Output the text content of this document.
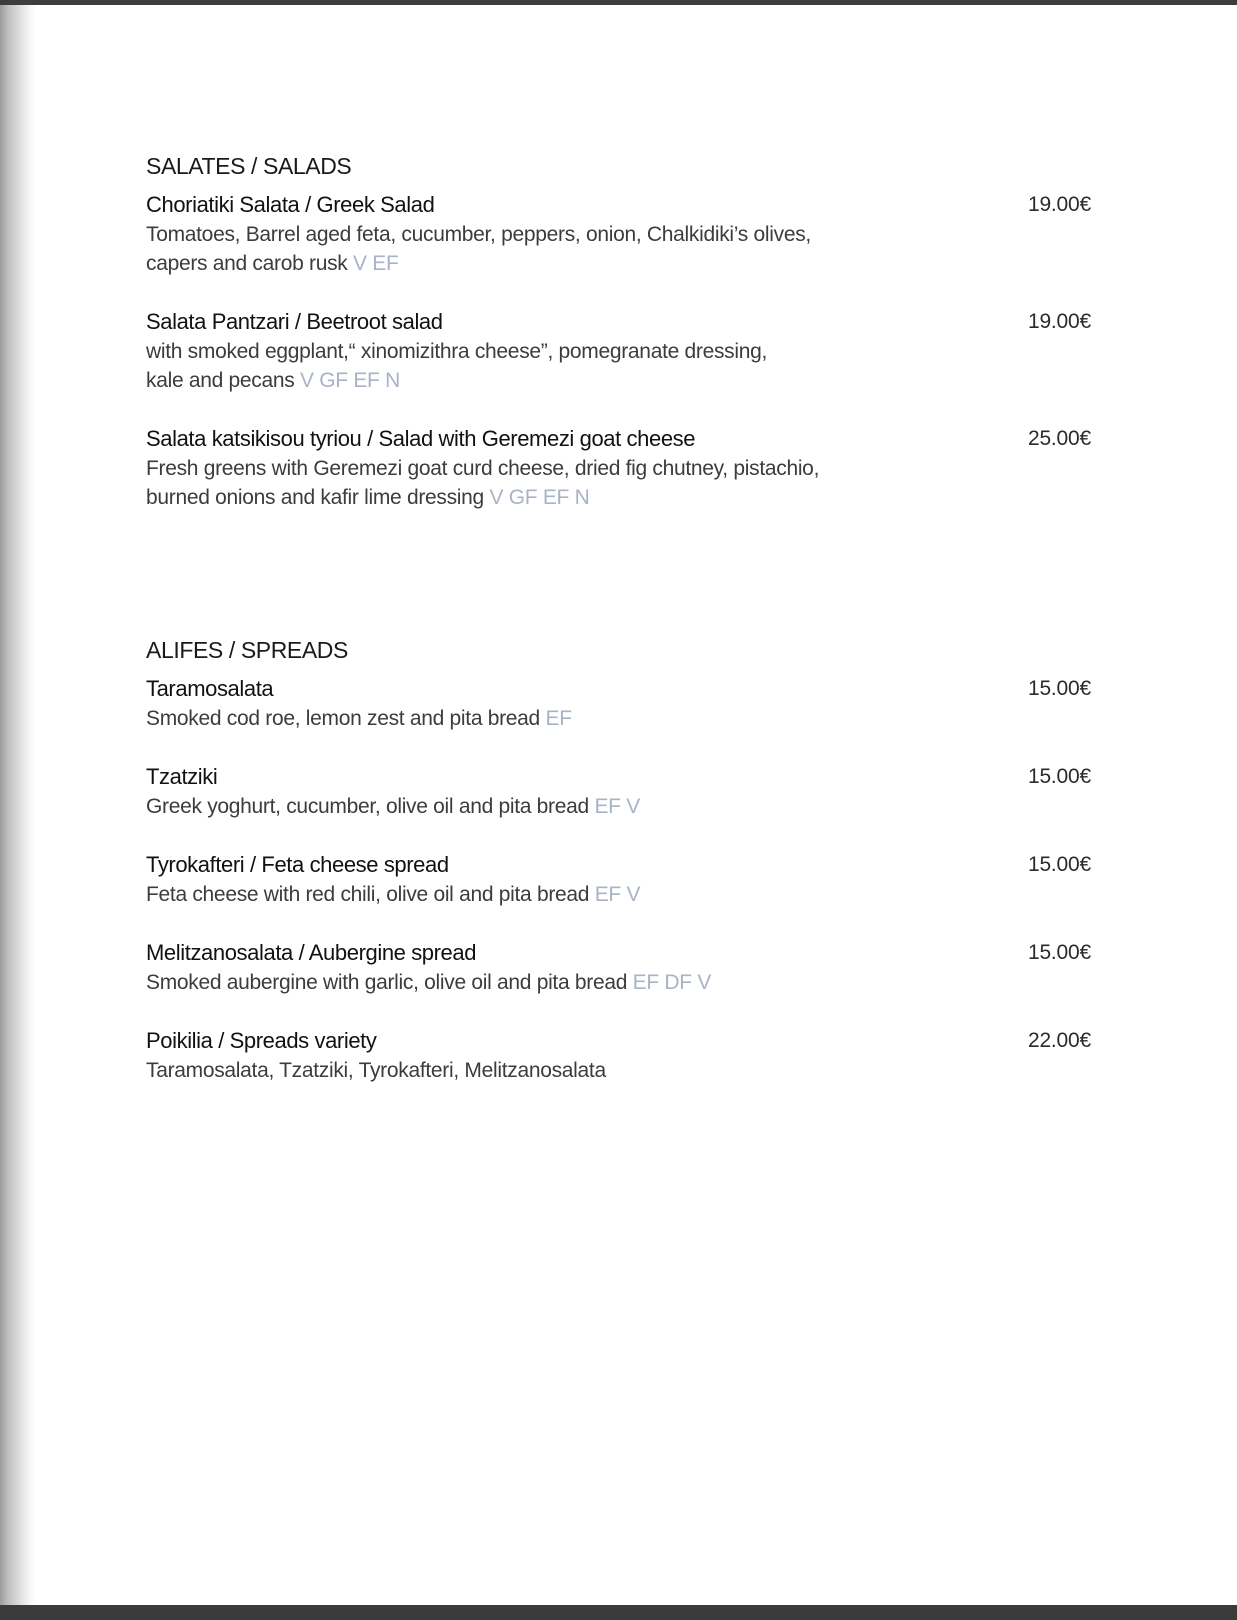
SALATES / SALADS
Choriatiki Salata / Greek Salad	19.00€
Tomatoes, Barrel aged feta, cucumber, peppers, onion, Chalkidiki’s olives,
capers and carob rusk V EF
Salata Pantzari / Beetroot salad	19.00€
with smoked eggplant,“ xinomizithra cheese”, pomegranate dressing,
kale and pecans V GF EF N
Salata katsikisou tyriou / Salad with Geremezi goat cheese	25.00€
Fresh greens with Geremezi goat curd cheese, dried fig chutney, pistachio,
burned onions and kafir lime dressing V GF EF N
ALIFES / SPREADS
Taramosalata	15.00€
Smoked cod roe, lemon zest and pita bread EF
Tzatziki	15.00€
Greek yoghurt, cucumber, olive oil and pita bread EF V
Tyrokafteri / Feta cheese spread	15.00€
Feta cheese with red chili, olive oil and pita bread EF V
Melitzanosalata / Aubergine spread	15.00€
Smoked aubergine with garlic, olive oil and pita bread EF DF V
Poikilia / Spreads variety	22.00€
Taramosalata, Tzatziki, Tyrokafteri, Melitzanosalata
